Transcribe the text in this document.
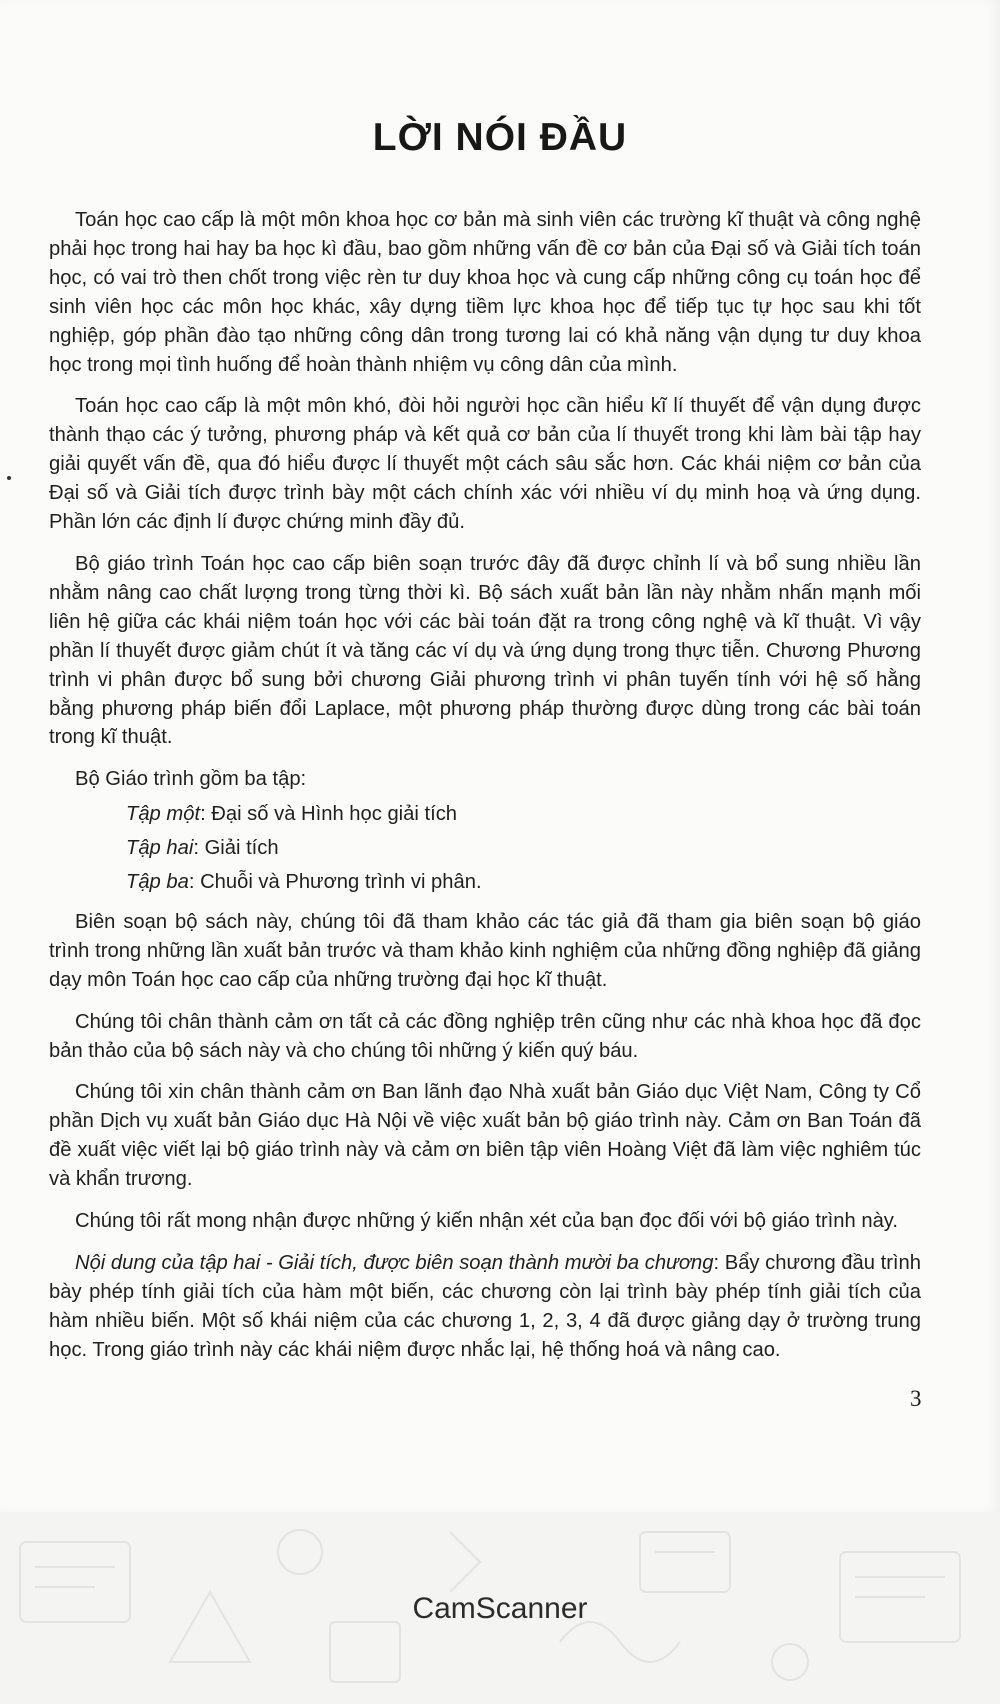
LỜI NÓI ĐẦU

Toán học cao cấp là một môn khoa học cơ bản mà sinh viên các trường kĩ thuật và công nghệ phải học trong hai hay ba học kì đầu, bao gồm những vấn đề cơ bản của Đại số và Giải tích toán học, có vai trò then chốt trong việc rèn tư duy khoa học và cung cấp những công cụ toán học để sinh viên học các môn học khác, xây dựng tiềm lực khoa học để tiếp tục tự học sau khi tốt nghiệp, góp phần đào tạo những công dân trong tương lai có khả năng vận dụng tư duy khoa học trong mọi tình huống để hoàn thành nhiệm vụ công dân của mình.

Toán học cao cấp là một môn khó, đòi hỏi người học cần hiểu kĩ lí thuyết để vận dụng được thành thạo các ý tưởng, phương pháp và kết quả cơ bản của lí thuyết trong khi làm bài tập hay giải quyết vấn đề, qua đó hiểu được lí thuyết một cách sâu sắc hơn. Các khái niệm cơ bản của Đại số và Giải tích được trình bày một cách chính xác với nhiều ví dụ minh hoạ và ứng dụng. Phần lớn các định lí được chứng minh đầy đủ.

Bộ giáo trình Toán học cao cấp biên soạn trước đây đã được chỉnh lí và bổ sung nhiều lần nhằm nâng cao chất lượng trong từng thời kì. Bộ sách xuất bản lần này nhằm nhấn mạnh mối liên hệ giữa các khái niệm toán học với các bài toán đặt ra trong công nghệ và kĩ thuật. Vì vậy phần lí thuyết được giảm chút ít và tăng các ví dụ và ứng dụng trong thực tiễn. Chương Phương trình vi phân được bổ sung bởi chương Giải phương trình vi phân tuyến tính với hệ số hằng bằng phương pháp biến đổi Laplace, một phương pháp thường được dùng trong các bài toán trong kĩ thuật.

Bộ Giáo trình gồm ba tập:

Tập một: Đại số và Hình học giải tích
Tập hai: Giải tích
Tập ba: Chuỗi và Phương trình vi phân.

Biên soạn bộ sách này, chúng tôi đã tham khảo các tác giả đã tham gia biên soạn bộ giáo trình trong những lần xuất bản trước và tham khảo kinh nghiệm của những đồng nghiệp đã giảng dạy môn Toán học cao cấp của những trường đại học kĩ thuật.

Chúng tôi chân thành cảm ơn tất cả các đồng nghiệp trên cũng như các nhà khoa học đã đọc bản thảo của bộ sách này và cho chúng tôi những ý kiến quý báu.

Chúng tôi xin chân thành cảm ơn Ban lãnh đạo Nhà xuất bản Giáo dục Việt Nam, Công ty Cổ phần Dịch vụ xuất bản Giáo dục Hà Nội về việc xuất bản bộ giáo trình này. Cảm ơn Ban Toán đã đề xuất việc viết lại bộ giáo trình này và cảm ơn biên tập viên Hoàng Việt đã làm việc nghiêm túc và khẩn trương.

Chúng tôi rất mong nhận được những ý kiến nhận xét của bạn đọc đối với bộ giáo trình này.

Nội dung của tập hai - Giải tích, được biên soạn thành mười ba chương: Bẩy chương đầu trình bày phép tính giải tích của hàm một biến, các chương còn lại trình bày phép tính giải tích của hàm nhiều biến. Một số khái niệm của các chương 1, 2, 3, 4 đã được giảng dạy ở trường trung học. Trong giáo trình này các khái niệm được nhắc lại, hệ thống hoá và nâng cao.

3
CamScanner
